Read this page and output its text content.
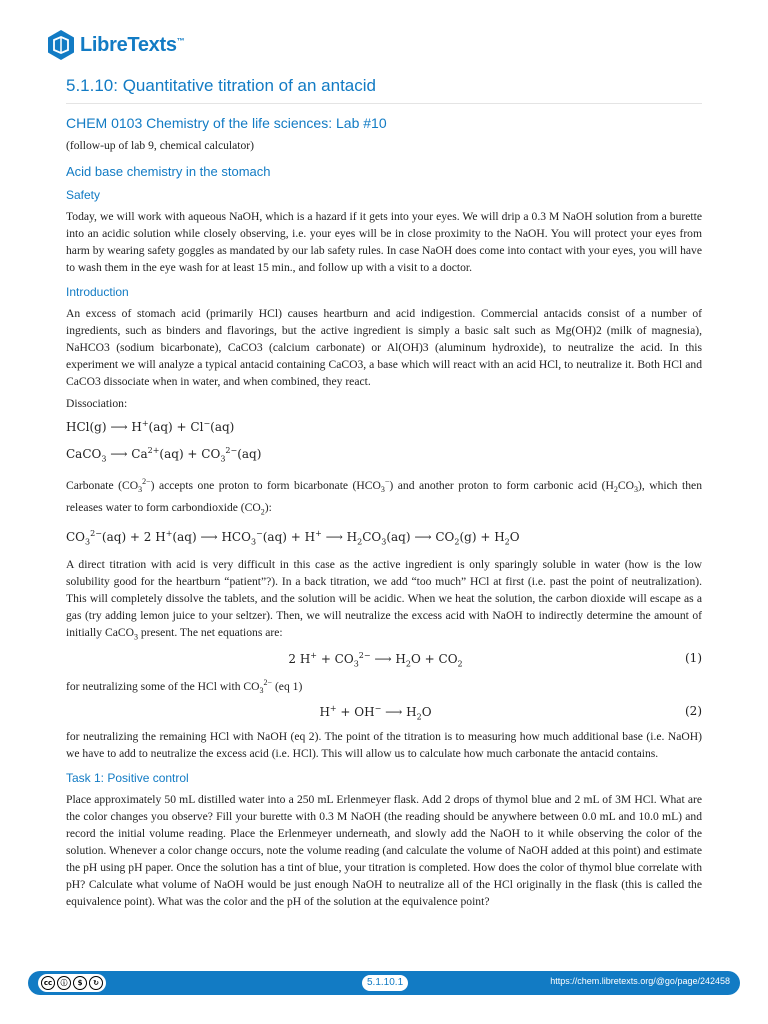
LibreTexts™
5.1.10: Quantitative titration of an antacid
CHEM 0103 Chemistry of the life sciences: Lab #10

(follow-up of lab 9, chemical calculator)

Acid base chemistry in the stomach
Safety

Today, we will work with aqueous NaOH, which is a hazard if it gets into your eyes. We will drip a 0.3 M NaOH solution from a burette into an acidic solution while closely observing, i.e. your eyes will be in close proximity to the NaOH. You will protect your eyes from harm by wearing safety goggles as mandated by our lab safety rules. In case NaOH does come into contact with your eyes, you will have to wash them in the eye wash for at least 15 min., and follow up with a visit to a doctor.

Introduction

An excess of stomach acid (primarily HCl) causes heartburn and acid indigestion. Commercial antacids consist of a number of ingredients, such as binders and flavorings, but the active ingredient is simply a basic salt such as Mg(OH)2 (milk of magnesia), NaHCO3 (sodium bicarbonate), CaCO3 (calcium carbonate) or Al(OH)3 (aluminum hydroxide), to neutralize the acid. In this experiment we will analyze a typical antacid containing CaCO3, a base which will react with an acid HCl, to neutralize it. Both HCl and CaCO3 dissociate when in water, and when combined, they react.

Dissociation:

HCl(g) ⟶ H+(aq) + Cl−(aq)
CaCO$_3$ ⟶ $Ca^{2+}(aq) + CO_3^{2-}(aq)$

Carbonate $(CO_3^{2-})$ accepts one proton to form bicarbonate $(HCO_3^-)$ and another proton to form carbonic acid $(H_2CO_3)$, which then releases water to form carbondioxide $(CO_2)$:

$CO_3^{2-}(aq) + 2$ H+(aq) ⟶ $HCO_3^-(aq) + H^+$ ⟶ $H_2CO_3(aq)$ ⟶ $CO_2(g) + H_2O$

A direct titration with acid is very difficult in this case as the active ingredient is only sparingly soluble in water (how is the low solubility good for the heartburn “patient”?). In a back titration, we add “too much” HCl at first (i.e. past the point of neutralization). This will completely dissolve the tablets, and the solution will be acidic. When we heat the solution, the carbon dioxide will escape as a gas (try adding lemon juice to your seltzer). Then, we will neutralize the excess acid with NaOH to indirectly determine the amount of initially CaCO$_3$ present. The net equations are:

2 $H^+ + CO_3^{2-}$ ⟶ $H_2O + CO_2$	(1)

for neutralizing some of the HCl with $CO_3^{2-}$ (eq 1)

H+ + OH− ⟶ $H_2O$	(2)

for neutralizing the remaining HCl with NaOH (eq 2). The point of the titration is to measuring how much additional base (i.e. NaOH) we have to add to neutralize the excess acid (i.e. HCl). This will allow us to calculate how much carbonate the antacid contains.

Task 1: Positive control

Place approximately 50 mL distilled water into a 250 mL Erlenmeyer flask. Add 2 drops of thymol blue and 2 mL of 3M HCl. What are the color changes you observe? Fill your burette with 0.3 M NaOH (the reading should be anywhere between 0.0 mL and 10.0 mL) and record the initial volume reading. Place the Erlenmeyer underneath, and slowly add the NaOH to it while observing the color of the solution. Whenever a color change occurs, note the volume reading (and calculate the volume of NaOH added at this point) and estimate the pH using pH paper. Once the solution has a tint of blue, your titration is completed. How does the color of thymol blue correlate with pH? Calculate what volume of NaOH would be just enough NaOH to neutralize all of the HCl originally in the flask (this is called the equivalence point). What was the color and the pH of the solution at the equivalence point?

cc	ⓘ	$	↻	5.1.10.1	https://chem.libretexts.org/@go/page/242458
